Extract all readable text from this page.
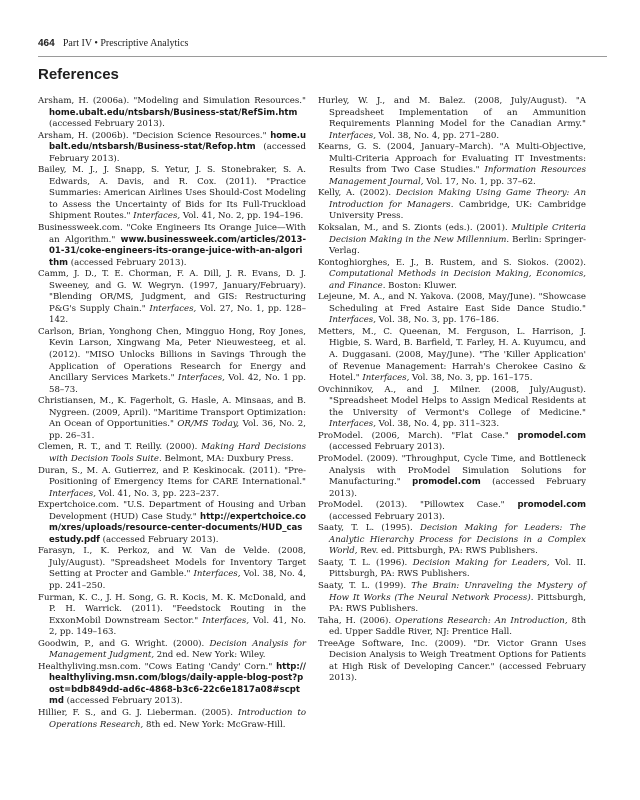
464 Part IV • Prescriptive Analytics
References

Arsham, H. (2006a). "Modeling and Simulation Resources." home.ubalt.edu/ntsbarsh/Business-stat/RefSim.htm (accessed February 2013).

Arsham, H. (2006b). "Decision Science Resources." home.ubalt.edu/ntsbarsh/Business-stat/Refop.htm (accessed February 2013).

Bailey, M. J., J. Snapp, S. Yetur, J. S. Stonebraker, S. A. Edwards, A. Davis, and R. Cox. (2011). "Practice Summaries: American Airlines Uses Should-Cost Modeling to Assess the Uncertainty of Bids for Its Full-Truckload Shipment Routes." Interfaces, Vol. 41, No. 2, pp. 194–196.

Businessweek.com. "Coke Engineers Its Orange Juice—With an Algorithm." www.businessweek.com/articles/2013-01-31/coke-engineers-its-orange-juice-with-an-algorithm (accessed February 2013).

Camm, J. D., T. E. Chorman, F. A. Dill, J. R. Evans, D. J. Sweeney, and G. W. Wegryn. (1997, January/February). "Blending OR/MS, Judgment, and GIS: Restructuring P&G's Supply Chain." Interfaces, Vol. 27, No. 1, pp. 128–142.

Carlson, Brian, Yonghong Chen, Mingguo Hong, Roy Jones, Kevin Larson, Xingwang Ma, Peter Nieuwesteeg, et al. (2012). "MISO Unlocks Billions in Savings Through the Application of Operations Research for Energy and Ancillary Services Markets." Interfaces, Vol. 42, No. 1 pp. 58–73.

Christiansen, M., K. Fagerholt, G. Hasle, A. Minsaas, and B. Nygreen. (2009, April). "Maritime Transport Optimization: An Ocean of Opportunities." OR/MS Today, Vol. 36, No. 2, pp. 26–31.

Clemen, R. T., and T. Reilly. (2000). Making Hard Decisions with Decision Tools Suite. Belmont, MA: Duxbury Press.

Duran, S., M. A. Gutierrez, and P. Keskinocak. (2011). "Pre-Positioning of Emergency Items for CARE International." Interfaces, Vol. 41, No. 3, pp. 223–237.

Expertchoice.com. "U.S. Department of Housing and Urban Development (HUD) Case Study." http://expertchoice.com/xres/uploads/resource-center-documents/HUD_casestudy.pdf (accessed February 2013).

Farasyn, I., K. Perkoz, and W. Van de Velde. (2008, July/August). "Spreadsheet Models for Inventory Target Setting at Procter and Gamble." Interfaces, Vol. 38, No. 4, pp. 241–250.

Furman, K. C., J. H. Song, G. R. Kocis, M. K. McDonald, and P. H. Warrick. (2011). "Feedstock Routing in the ExxonMobil Downstream Sector." Interfaces, Vol. 41, No. 2, pp. 149–163.

Goodwin, P., and G. Wright. (2000). Decision Analysis for Management Judgment, 2nd ed. New York: Wiley.

Healthyliving.msn.com. "Cows Eating 'Candy' Corn." http://healthyliving.msn.com/blogs/daily-apple-blog-post?post=bdb849dd-ad6c-4868-b3c6-22c6e1817a08#scptmd (accessed February 2013).

Hillier, F. S., and G. J. Lieberman. (2005). Introduction to Operations Research, 8th ed. New York: McGraw-Hill.

Hurley, W. J., and M. Balez. (2008, July/August). "A Spreadsheet Implementation of an Ammunition Requirements Planning Model for the Canadian Army." Interfaces, Vol. 38, No. 4, pp. 271–280.

Kearns, G. S. (2004, January–March). "A Multi-Objective, Multi-Criteria Approach for Evaluating IT Investments: Results from Two Case Studies." Information Resources Management Journal, Vol. 17, No. 1, pp. 37–62.

Kelly, A. (2002). Decision Making Using Game Theory: An Introduction for Managers. Cambridge, UK: Cambridge University Press.

Koksalan, M., and S. Zionts (eds.). (2001). Multiple Criteria Decision Making in the New Millennium. Berlin: Springer-Verlag.

Kontoghiorghes, E. J., B. Rustem, and S. Siokos. (2002). Computational Methods in Decision Making, Economics, and Finance. Boston: Kluwer.

Lejeune, M. A., and N. Yakova. (2008, May/June). "Showcase Scheduling at Fred Astaire East Side Dance Studio." Interfaces, Vol. 38, No. 3, pp. 176–186.

Metters, M., C. Queenan, M. Ferguson, L. Harrison, J. Higbie, S. Ward, B. Barfield, T. Farley, H. A. Kuyumcu, and A. Duggasani. (2008, May/June). "The 'Killer Application' of Revenue Management: Harrah's Cherokee Casino & Hotel." Interfaces, Vol. 38, No. 3, pp. 161–175.

Ovchinnikov, A., and J. Milner. (2008, July/August). "Spreadsheet Model Helps to Assign Medical Residents at the University of Vermont's College of Medicine." Interfaces, Vol. 38, No. 4, pp. 311–323.

ProModel. (2006, March). "Flat Case." promodel.com (accessed February 2013).

ProModel. (2009). "Throughput, Cycle Time, and Bottleneck Analysis with ProModel Simulation Solutions for Manufacturing." promodel.com (accessed February 2013).

ProModel. (2013). "Pillowtex Case." promodel.com (accessed February 2013).

Saaty, T. L. (1995). Decision Making for Leaders: The Analytic Hierarchy Process for Decisions in a Complex World, Rev. ed. Pittsburgh, PA: RWS Publishers.

Saaty, T. L. (1996). Decision Making for Leaders, Vol. II. Pittsburgh, PA: RWS Publishers.

Saaty, T. L. (1999). The Brain: Unraveling the Mystery of How It Works (The Neural Network Process). Pittsburgh, PA: RWS Publishers.

Taha, H. (2006). Operations Research: An Introduction, 8th ed. Upper Saddle River, NJ: Prentice Hall.

TreeAge Software, Inc. (2009). "Dr. Victor Grann Uses Decision Analysis to Weigh Treatment Options for Patients at High Risk of Developing Cancer." (accessed February 2013).
